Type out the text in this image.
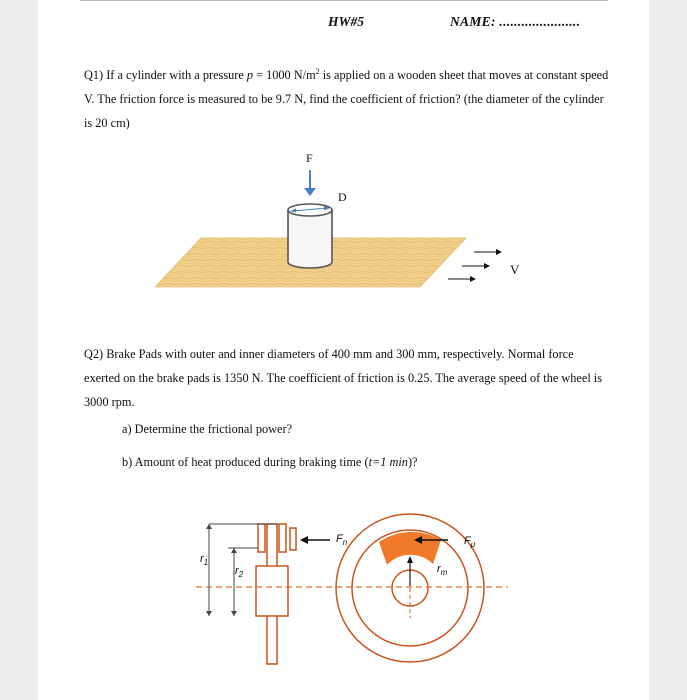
HW#5	NAME: ......................
Q1) If a cylinder with a pressure p = 1000 $N/m^2$ is applied on a wooden sheet that moves at constant speed V. The friction force is measured to be 9.7 N, find the coefficient of friction? (the diameter of the cylinder is 20 cm)
F
D
V
Q2) Brake Pads with outer and inner diameters of 400 mm and 300 mm, respectively. Normal force exerted on the brake pads is 1350 N. The coefficient of friction is 0.25. The average speed of the wheel is 3000 rpm.
a) Determine the frictional power?
b) Amount of heat produced during braking time (t=1 min)?
$r_1$
$r_2$
$F_n$	$F_\mu$
$r_m$
